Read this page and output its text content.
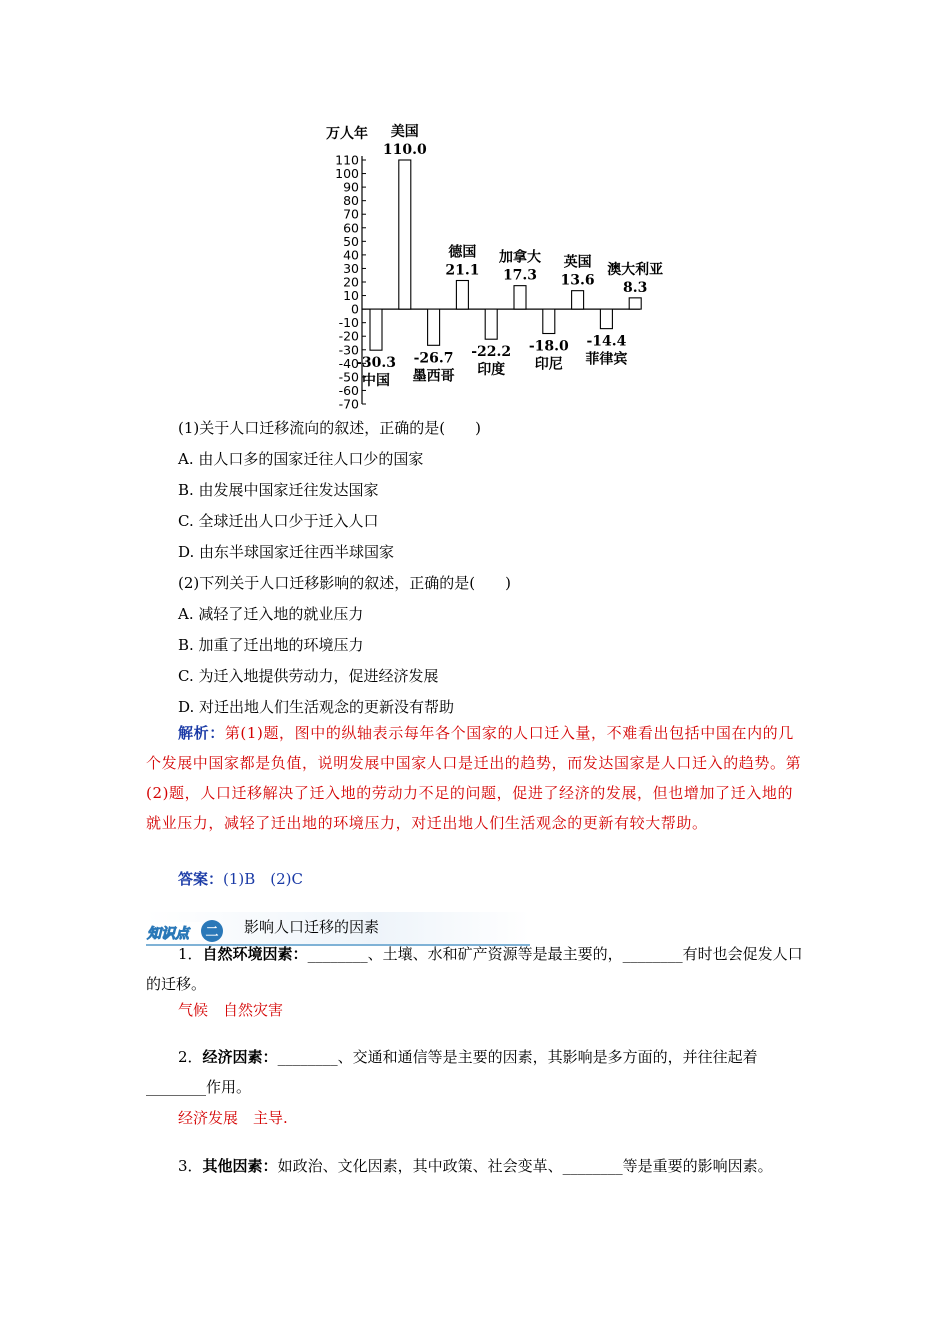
110
100
90
80
70
60
50
40
30
20
10
0
-10
-20
-30
-40
-50
-60
-70
万人年
-30.3
中国
110.0
美国
-26.7
墨西哥
21.1
德国
-22.2
印度
17.3
加拿大
-18.0
印尼
13.6
英国
-14.4
菲律宾
8.3
澳大利亚
(1)关于人口迁移流向的叙述，正确的是(　　)
A. 由人口多的国家迁往人口少的国家
B. 由发展中国家迁往发达国家
C. 全球迁出人口少于迁入人口
D. 由东半球国家迁往西半球国家
(2)下列关于人口迁移影响的叙述，正确的是(　　)
A. 减轻了迁入地的就业压力
B. 加重了迁出地的环境压力
C. 为迁入地提供劳动力，促进经济发展
D. 对迁出地人们生活观念的更新没有帮助
解析：第(1)题，图中的纵轴表示每年各个国家的人口迁入量，不难看出包括中国在内的几个发展中国家都是负值，说明发展中国家人口是迁出的趋势，而发达国家是人口迁入的趋势。第(2)题，人口迁移解决了迁入地的劳动力不足的问题，促进了经济的发展，但也增加了迁入地的就业压力，减轻了迁出地的环境压力，对迁出地人们生活观念的更新有较大帮助。
答案：(1)B　(2)C
知识点 二 影响人口迁移的因素
1．自然环境因素：________、土壤、水和矿产资源等是最主要的，________有时也会促发人口的迁移。
气候　自然灾害
2．经济因素：________、交通和通信等是主要的因素，其影响是多方面的，并往往起着________作用。
经济发展　主导.
3．其他因素：如政治、文化因素，其中政策、社会变革、________等是重要的影响因素。
